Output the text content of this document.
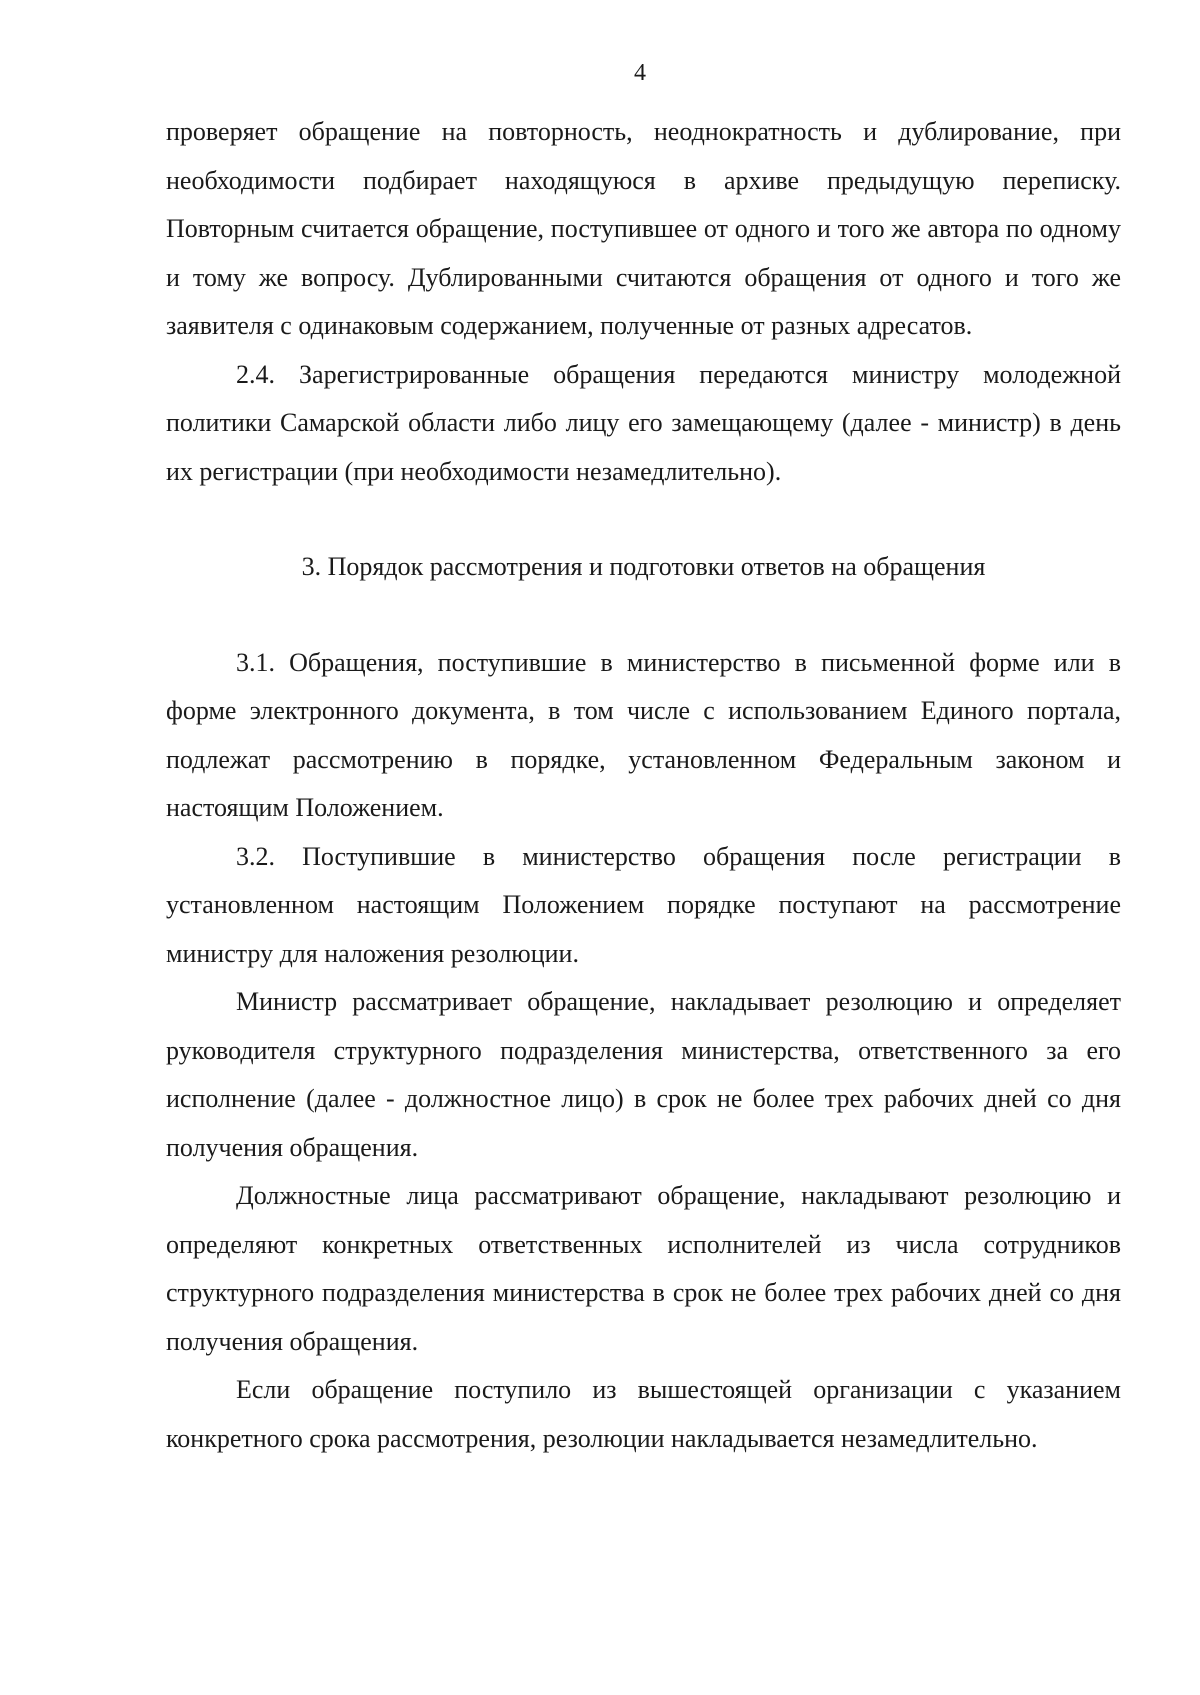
4

проверяет обращение на повторность, неоднократность и дублирование, при необходимости подбирает находящуюся в архиве предыдущую переписку. Повторным считается обращение, поступившее от одного и того же автора по одному и тому же вопросу. Дублированными считаются обращения от одного и того же заявителя с одинаковым содержанием, полученные от разных адресатов.

2.4. Зарегистрированные обращения передаются министру молодежной политики Самарской области либо лицу его замещающему (далее - министр) в день их регистрации (при необходимости незамедлительно).

3. Порядок рассмотрения и подготовки ответов на обращения

3.1. Обращения, поступившие в министерство в письменной форме или в форме электронного документа, в том числе с использованием Единого портала, подлежат рассмотрению в порядке, установленном Федеральным законом и настоящим Положением.

3.2. Поступившие в министерство обращения после регистрации в установленном настоящим Положением порядке поступают на рассмотрение министру для наложения резолюции.

Министр рассматривает обращение, накладывает резолюцию и определяет руководителя структурного подразделения министерства, ответственного за его исполнение (далее - должностное лицо) в срок не более трех рабочих дней со дня получения обращения.

Должностные лица рассматривают обращение, накладывают резолюцию и определяют конкретных ответственных исполнителей из числа сотрудников структурного подразделения министерства в срок не более трех рабочих дней со дня получения обращения.

Если обращение поступило из вышестоящей организации с указанием конкретного срока рассмотрения, резолюции накладывается незамедлительно.
